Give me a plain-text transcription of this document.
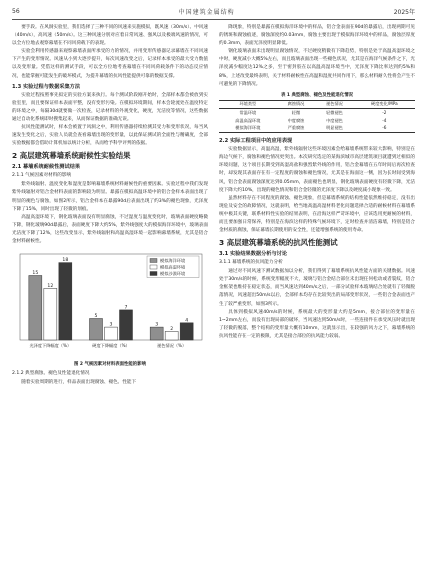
56	中国建筑金属结构	2025年

要手段。在风洞实验里，我们选择了三种不同的风速来实施模拟，既风速（30m/s）、中风速（40m/s），高风速（50m/s）。这三种风速分别对应着日常风速、强风以及极端风速的情况，可以全方位地去观察幕墙在不同风荷载下的表现。

实验会利用传感器来观察幕墙表面所承受的力的情况，并用变形传感器记录幕墙在不同风速下产生的变形情况。风速从小到大逐步提升，每次风速改变之后，记录样本承受的最大受力数值以及变形量。凭借这样的测试手段，可以全方位地考查幕墙在不同风荷载条件下的动态反应情况，也能掌握可能发生的破坏模式，为提升幕墙的抗风性能提供可靠的数据支撑。

1.3 实验过程与数据采集方法

实验过程按照事先拟定的实验方案来执行。每个测试阶段刚开始时，全部样本都会被放到实验室里，而且要保证样本表面平整，没有变形污染。在模拟环境期间，样本会轮流处在温度特定的环境之中，每隔30d就要做一次检查，记录材料的外观变化，硬度，光洁度等情况，这些数据通过自动化系统即时搜集起来，从而保证数据的准确无误。

抗风性能测试时，样本会被置于风洞之中，利用传感器持续检测其受力和变形状况，每当风速发生变化之后，实验人员就会查看幕墙出现的变形量，以此保证测试的全面性与精确度，全部实验数据都会借助计算机加以统计分析，从而给予科学评判的依据。

2 高层建筑幕墙系统耐候性实验结果
2.1 幕墙系统耐候性测试结果
2.1.1 气候因素对材料的影响

紫外线辐射、温度变化和湿度是影响幕墙系统材料耐候性的重要因素。实验过程中我们发现紫外线辐射对铝合金材料表面的影响较为明显。暴露在模拟高温环境中的铝合金样本表面出现了明显的褪色与腐蚀，如图2所示，铝合金样本在暴露90d后表面出现了约3%的褪色现象，光泽度下降了15%，同时出现了轻微的划痕。

高温高湿环境下，钢化玻璃表面没有明显腐蚀，不过湿度与温度变化时，玻璃表面硬度略微下降，钢化玻璃90d暴露后，表面硬度下降大约5%，紫外线强度大的模拟海洋环境中，玻璃表面光洁度下降了12%，这些改变显示，紫外线辐射和高温高湿环境一起影响幕墙系统，尤其是铝合金材料耐候性。

15
12
18
光泽度下降幅度（%）
5
3
7
硬度下降幅度（%）
3
2
4
褪色情况（%）
模拟海洋环境
模拟高湿环境
模拟沙漠环境
图 2 气候因素对材料表面性能的影响
2.1.2 典型腐蚀、褪色及性能退化情况

随着实验周期的进行，样品表面出现腐蚀、褪色、性能下

降现象，特别是暴露在模拟海洋环境中的样品，铝合金表面在90d的暴露后，出现两期可见的锈斑和腐蚀痕迹，腐蚀深度约0.03mm，腐蚀主要出现于模拟海洋环境中的样品，腐蚀层厚度约0.3mm，表面光泽度明显降低。

钢化玻璃表面未出现明显腐蚀情况，不过硬度稍微有下降趋势，特别是处于高温高湿环境之中时，硬度减小大概5%左右，而且玻璃表面出现一些褪色状况，尤其是在海洋气候条件之下，光泽度减少幅度达12%之多，至于密封胶在以高温高湿环境当中，光泽度下降比率达到约5%和8%，上述改变最终表明，关于材料耐候性在高温和湿度共同作用下，那么材料耐久性将会产生不可避免的下降情况。

表 1 典型腐蚀、褪色及性能退化情况
环境类型	腐蚀情况	褪色情况	硬度变化/MPa
常温环境	轻微	轻微褪色	-2
高温高湿环境	中度腐蚀	中度褪色	-4
模拟海洋环境	严重腐蚀	明显褪色	-6
2.2 实际工程项目中的应用表现

实验数据显示，高温高湿，紫外线辐射这些环境因素会给幕墙系统带来较大影响，特别是在海边气候下，腐蚀和褪色情况更突出。本次研究选定的某海滨城市高层建筑项目就遭到过相似的环境问题，这个项目长期受到高湿高盐和强烈紫外线的作用，铝合金幕墙在五年时间后再次检查时，却发现其表面存在有一定程度的腐蚀和褪色情况，尤其是在海面这一侧，因为长时间受到海风，铝合金表面腐蚀深度达到0.05mm，表面褪色也明显，钢化玻璃表面硬度有轻微下降，光洁度下降大约10%，出现的褪色情况和铝合金轻微的光泽度下降以及硬度减小现象一致。

虽然材料存在不同程度的腐蚀、褪色现象，但是幕墙系统的结构性能依然维持稳定，没有出现危及安全的故障情况，这就表明，给当地高温高湿材料老化问题选择合适的耐候材料在幕墙系统中极其关键，联系材料性实验的结果表明，在沿海这样严苛环境中，应该选用更耐候的材料，而且要加强日常保养，特别是在海滨这样的特殊气候环境下，定时检查并清洁幕墙，特别是铝合金材质的腐蚀，保证幕墙长期使用的安全性，还能增强系统的使用寿命。

3 高层建筑幕墙系统的抗风性能测试
3.1 实验结果数据分析与讨论
3.1.1 幕墙系统的抗风能力分析

通过对不同风速下测试数据加以分析，我们得到了幕墙系统抗风性能方面的关键数据。风速处于30m/s的时候，系统变形幅度不大，玻璃与铝合金结合部位未出现任何松动或者裂纹，铝合金框架也维持在稳定状态，而当风速达到40m/s之后，一部分试验样本玻璃结合处就有了轻微脱落情况，风速超出50m/s以后，全部样本均存在比较突出的局部变形状况，一些铝合金表面也产生了较严重变形，如图3所示。

具体到模拟风速40m/s的时候，系统最大的变形量大约是5mm，接合部位的变形量在1~2mm左右，而没有出现局部的破坏，当风速达到50m/s时，一些连接件在承受风压时就出现了轻微的脱落，整个结构的变形量大概有10mm，这就显示出，在较强的风力之下，幕墙系统的抗风性能存在一定的极限，尤其是接合部位的抗风能力较弱。
